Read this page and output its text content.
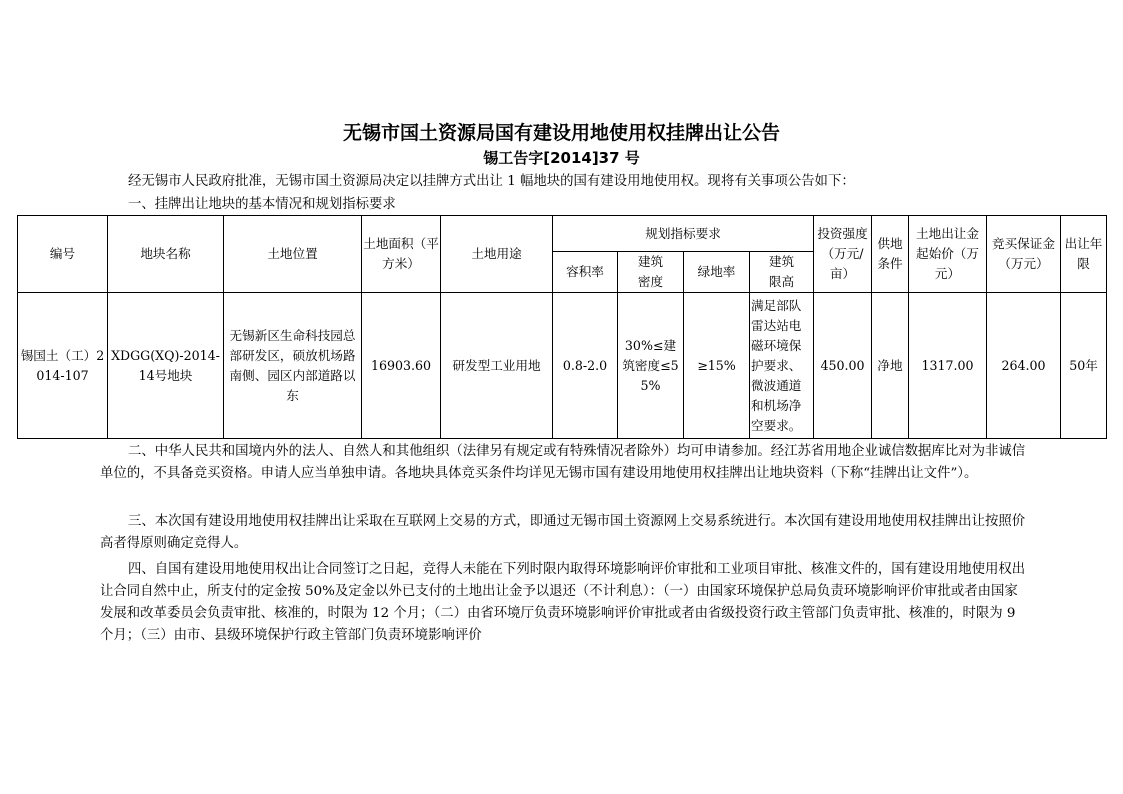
无锡市国土资源局国有建设用地使用权挂牌出让公告
锡工告字[2014]37 号

经无锡市人民政府批准，无锡市国土资源局决定以挂牌方式出让 1 幅地块的国有建设用地使用权。现将有关事项公告如下：

一、挂牌出让地块的基本情况和规划指标要求
编号	地块名称	土地位置	土地面积（平方米）	土地用途	规划指标要求				投资强度（万元/亩）	供地条件	土地出让金起始价（万元）	竞买保证金（万元）	出让年限
					容积率	建筑密度	绿地率	建筑限高					
锡国土（工）2014-107	XDGG(XQ)-2014-14号地块	无锡新区生命科技园总部研发区，硕放机场路南侧、园区内部道路以东	16903.60	研发型工业用地	0.8-2.0	30%≤建筑密度≤55%	≥15%	满足部队雷达站电磁环境保护要求、微波通道和机场净空要求。	450.00	净地	1317.00	264.00	50年

二、中华人民共和国境内外的法人、自然人和其他组织（法律另有规定或有特殊情况者除外）均可申请参加。经江苏省用地企业诚信数据库比对为非诚信单位的，不具备竞买资格。申请人应当单独申请。各地块具体竞买条件均详见无锡市国有建设用地使用权挂牌出让地块资料（下称“挂牌出让文件”）。

三、本次国有建设用地使用权挂牌出让采取在互联网上交易的方式，即通过无锡市国土资源网上交易系统进行。本次国有建设用地使用权挂牌出让按照价高者得原则确定竞得人。

四、自国有建设用地使用权出让合同签订之日起，竞得人未能在下列时限内取得环境影响评价审批和工业项目审批、核准文件的，国有建设用地使用权出让合同自然中止，所支付的定金按 50%及定金以外已支付的土地出让金予以退还（不计利息）：（一）由国家环境保护总局负责环境影响评价审批或者由国家发展和改革委员会负责审批、核准的，时限为 12 个月；（二）由省环境厅负责环境影响评价审批或者由省级投资行政主管部门负责审批、核准的，时限为 9 个月；（三）由市、县级环境保护行政主管部门负责环境影响评价
